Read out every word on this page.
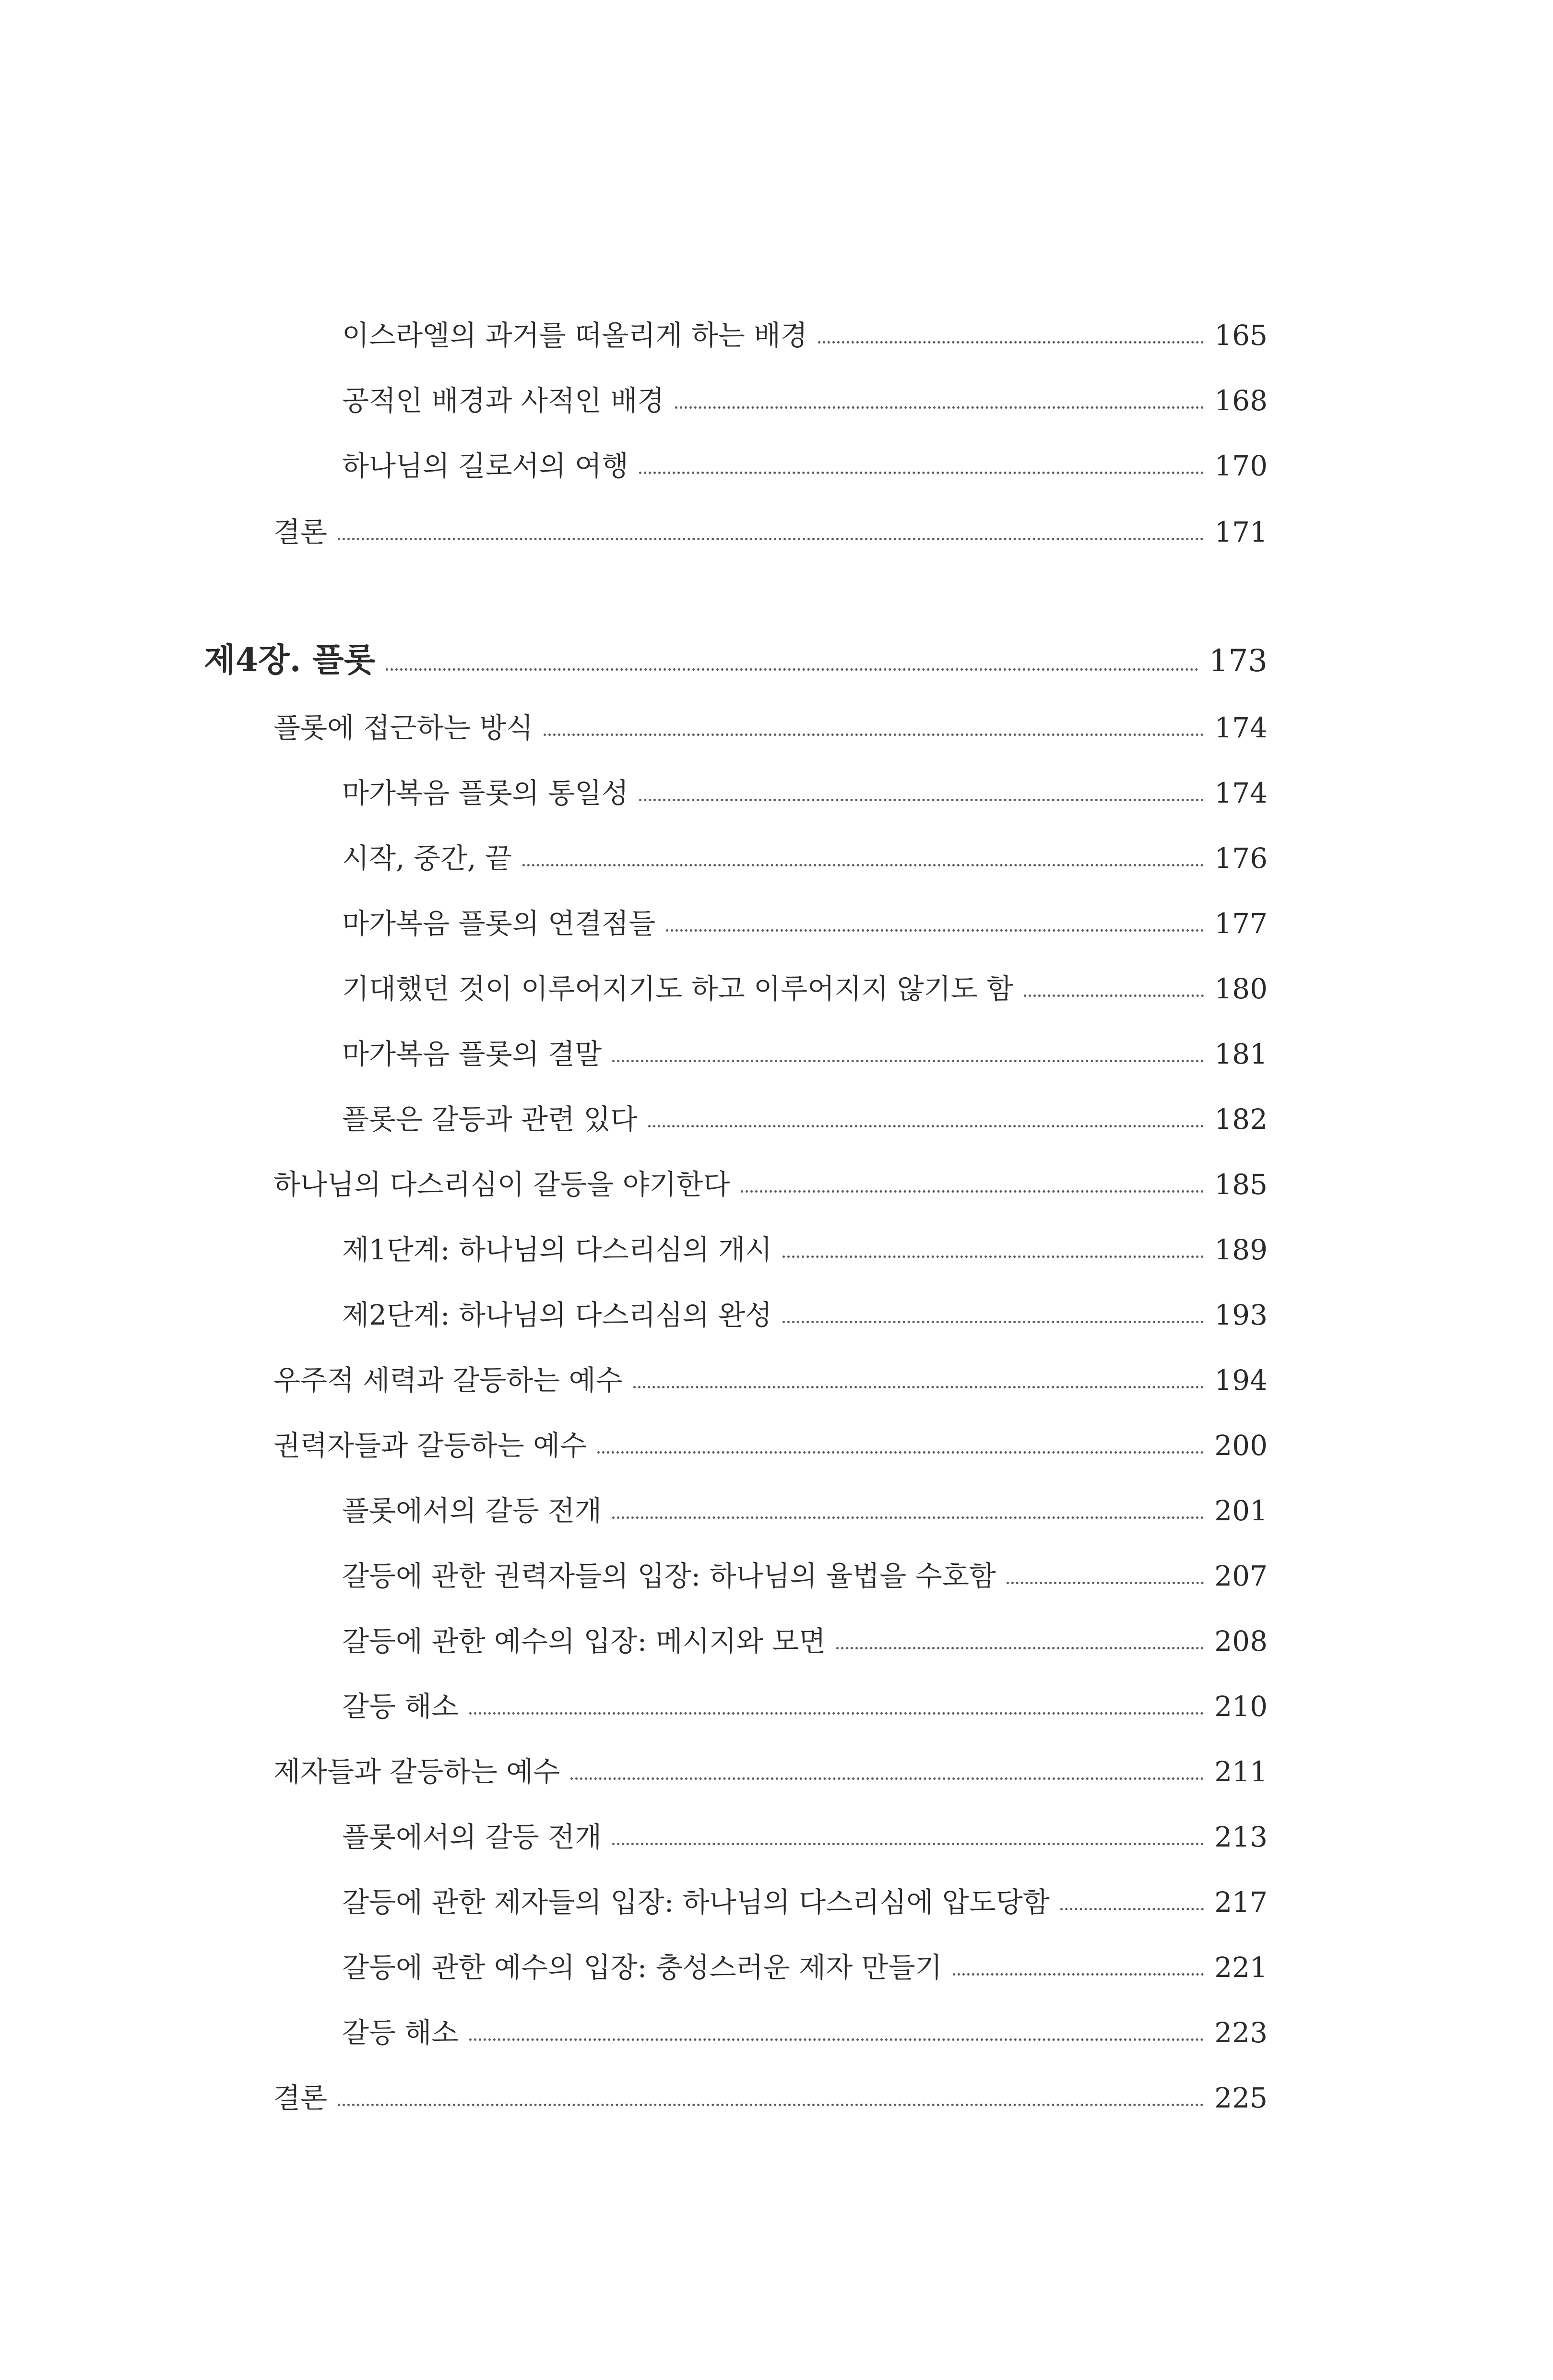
이스라엘의 과거를 떠올리게 하는 배경	165
공적인 배경과 사적인 배경	168
하나님의 길로서의 여행	170
결론	171
제4장. 플롯	173
플롯에 접근하는 방식	174
마가복음 플롯의 통일성	174
시작, 중간, 끝	176
마가복음 플롯의 연결점들	177
기대했던 것이 이루어지기도 하고 이루어지지 않기도 함	180
마가복음 플롯의 결말	181
플롯은 갈등과 관련 있다	182
하나님의 다스리심이 갈등을 야기한다	185
제1단계: 하나님의 다스리심의 개시	189
제2단계: 하나님의 다스리심의 완성	193
우주적 세력과 갈등하는 예수	194
권력자들과 갈등하는 예수	200
플롯에서의 갈등 전개	201
갈등에 관한 권력자들의 입장: 하나님의 율법을 수호함	207
갈등에 관한 예수의 입장: 메시지와 모면	208
갈등 해소	210
제자들과 갈등하는 예수	211
플롯에서의 갈등 전개	213
갈등에 관한 제자들의 입장: 하나님의 다스리심에 압도당함	217
갈등에 관한 예수의 입장: 충성스러운 제자 만들기	221
갈등 해소	223
결론	225
